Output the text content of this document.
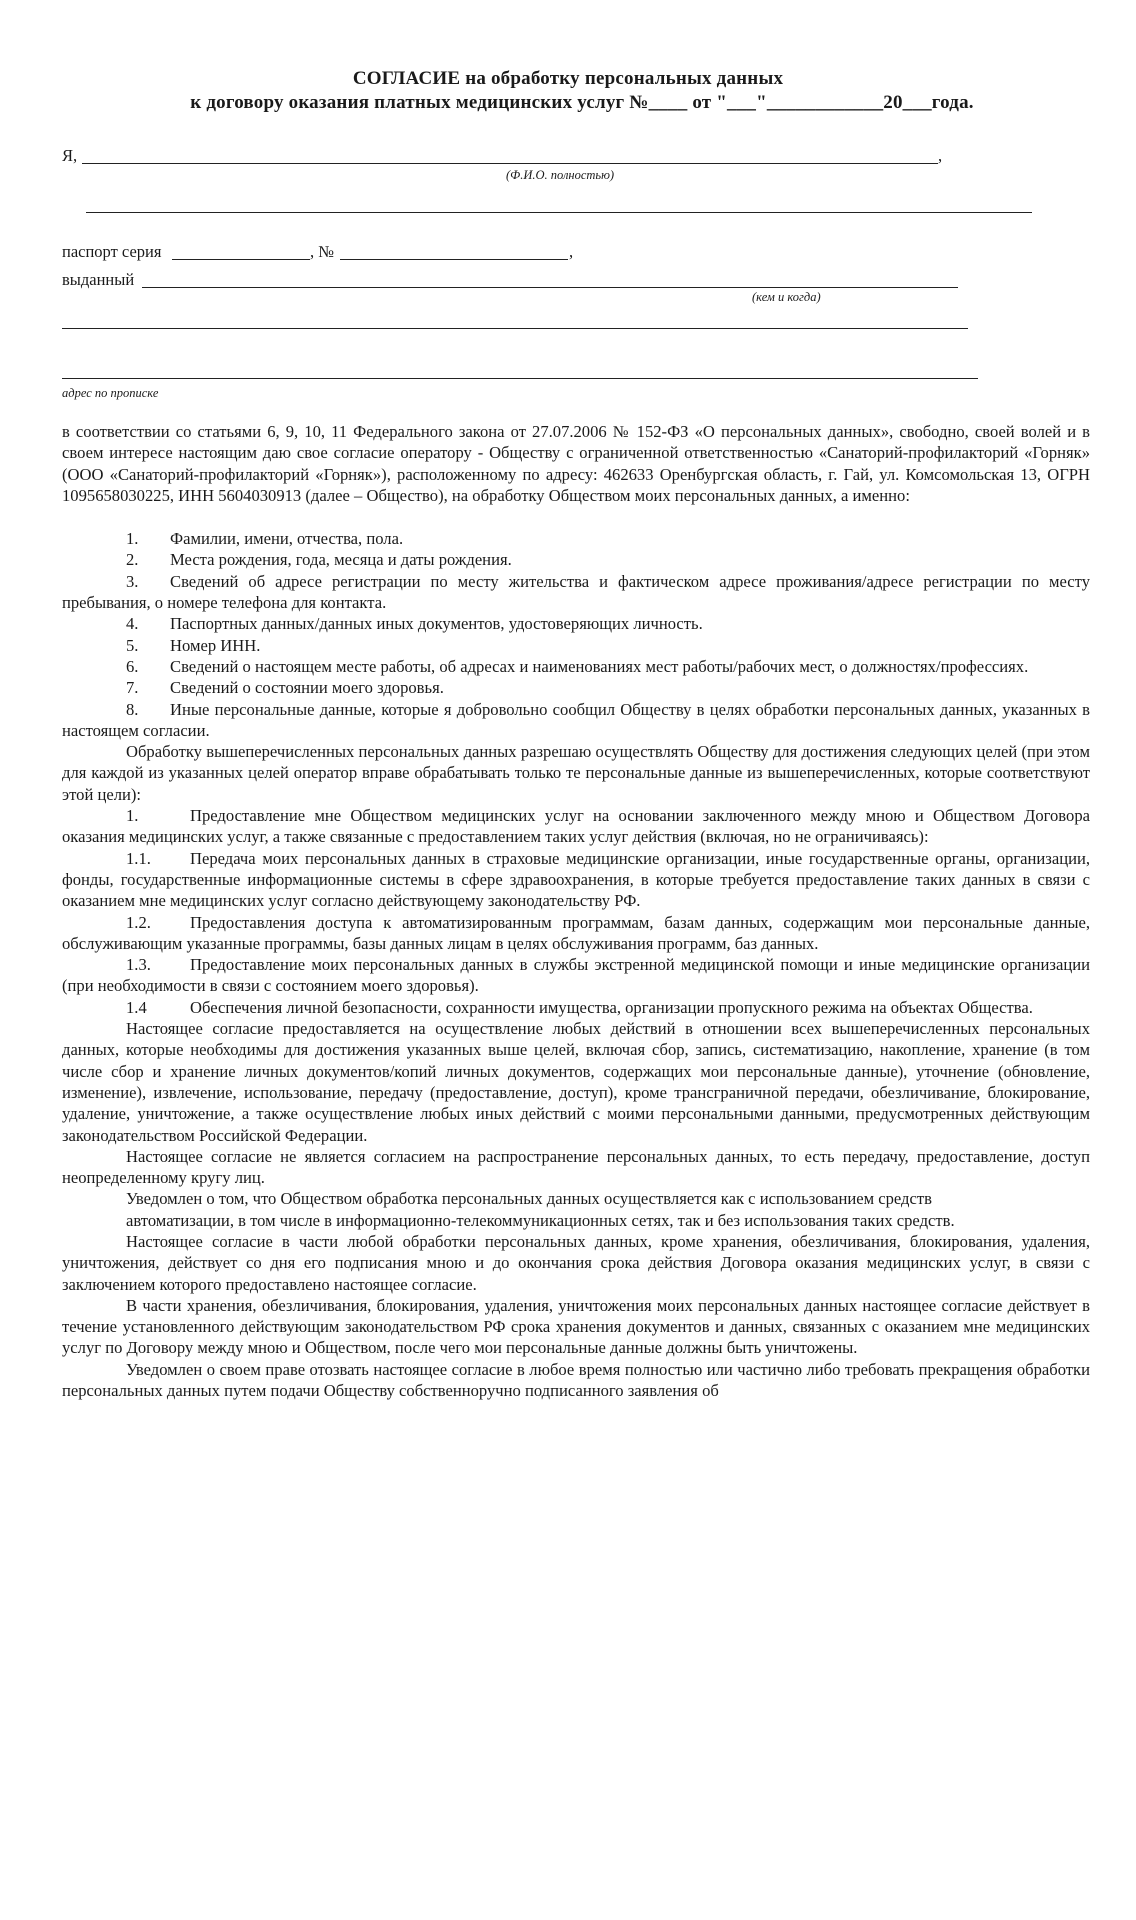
СОГЛАСИЕ на обработку персональных данных
к договору оказания платных медицинских услуг №____ от "___"____________20___года.
Я,	,
(Ф.И.О. полностью)
паспорт серия	, №	,
выданный
(кем и когда)
адрес по прописке

в соответствии со статьями 6, 9, 10, 11 Федерального закона от 27.07.2006 № 152-ФЗ «О персональных данных», свободно, своей волей и в своем интересе настоящим даю свое согласие оператору - Обществу с ограниченной ответственностью «Санаторий-профилакторий «Горняк» (ООО «Санаторий-профилакторий «Горняк»), расположенному по адресу: 462633 Оренбургская область, г. Гай, ул. Комсомольская 13, ОГРН 1095658030225, ИНН 5604030913 (далее – Общество), на обработку Обществом моих персональных данных, а именно:

1. Фамилии, имени, отчества, пола.

2. Места рождения, года, месяца и даты рождения.

3. Сведений об адресе регистрации по месту жительства и фактическом адресе проживания/адресе регистрации по месту пребывания, о номере телефона для контакта.

4. Паспортных данных/данных иных документов, удостоверяющих личность.

5. Номер ИНН.

6. Сведений о настоящем месте работы, об адресах и наименованиях мест работы/рабочих мест, о должностях/профессиях.

7. Сведений о состоянии моего здоровья.

8. Иные персональные данные, которые я добровольно сообщил Обществу в целях обработки персональных данных, указанных в настоящем согласии.

Обработку вышеперечисленных персональных данных разрешаю осуществлять Обществу для достижения следующих целей (при этом для каждой из указанных целей оператор вправе обрабатывать только те персональные данные из вышеперечисленных, которые соответствуют этой цели):

1.	Предоставление мне Обществом медицинских услуг на основании заключенного между мною и Обществом Договора оказания медицинских услуг, а также связанные с предоставлением таких услуг действия (включая, но не ограничиваясь):

1.1. Передача моих персональных данных в страховые медицинские организации, иные государственные органы, организации, фонды, государственные информационные системы в сфере здравоохранения, в которые требуется предоставление таких данных в связи с оказанием мне медицинских услуг согласно действующему законодательству РФ.

1.2. Предоставления доступа к автоматизированным программам, базам данных, содержащим мои персональные данные, обслуживающим указанные программы, базы данных лицам в целях обслуживания программ, баз данных.

1.3. Предоставление моих персональных данных в службы экстренной медицинской помощи и иные медицинские организации (при необходимости в связи с состоянием моего здоровья).

1.4	Обеспечения личной безопасности, сохранности имущества, организации пропускного режима на объектах Общества.

Настоящее согласие предоставляется на осуществление любых действий в отношении всех вышеперечисленных персональных данных, которые необходимы для достижения указанных выше целей, включая сбор, запись, систематизацию, накопление, хранение (в том числе сбор и хранение личных документов/копий личных документов, содержащих мои персональные данные), уточнение (обновление, изменение), извлечение, использование, передачу (предоставление, доступ), кроме трансграничной передачи, обезличивание, блокирование, удаление, уничтожение, а также осуществление любых иных действий с моими персональными данными, предусмотренных действующим законодательством Российской Федерации.

Настоящее согласие не является согласием на распространение персональных данных, то есть передачу, предоставление, доступ неопределенному кругу лиц.

Уведомлен о том, что Обществом обработка персональных данных осуществляется как с использованием средств

автоматизации, в том числе в информационно-телекоммуникационных сетях, так и без использования таких средств.

Настоящее согласие в части любой обработки персональных данных, кроме хранения, обезличивания, блокирования, удаления, уничтожения, действует со дня его подписания мною и до окончания срока действия Договора оказания медицинских услуг, в связи с заключением которого предоставлено настоящее согласие.

В части хранения, обезличивания, блокирования, удаления, уничтожения моих персональных данных настоящее согласие действует в течение установленного действующим законодательством РФ срока хранения документов и данных, связанных с оказанием мне медицинских услуг по Договору между мною и Обществом, после чего мои персональные данные должны быть уничтожены.

Уведомлен о своем праве отозвать настоящее согласие в любое время полностью или частично либо требовать прекращения обработки персональных данных путем подачи Обществу собственноручно подписанного заявления об
